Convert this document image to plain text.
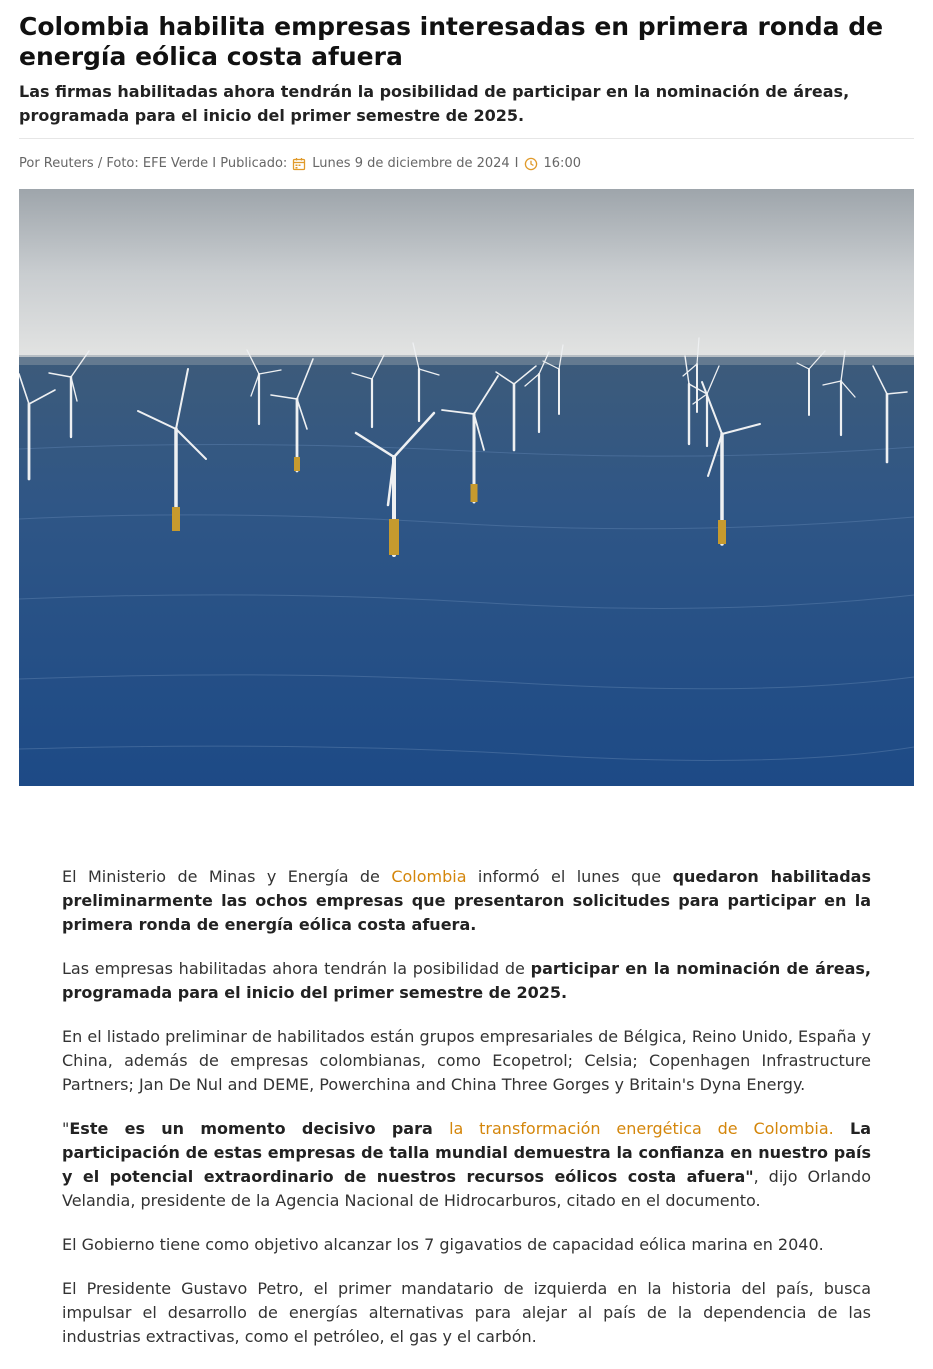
Colombia habilita empresas interesadas en primera ronda de energía eólica costa afuera
Las firmas habilitadas ahora tendrán la posibilidad de participar en la nominación de áreas, programada para el inicio del primer semestre de 2025.
Por Reuters / Foto: EFE Verde I Publicado: Lunes 9 de diciembre de 2024 I 16:00

El Ministerio de Minas y Energía de Colombia informó el lunes que quedaron habilitadas preliminarmente las ochos empresas que presentaron solicitudes para participar en la primera ronda de energía eólica costa afuera.

Las empresas habilitadas ahora tendrán la posibilidad de participar en la nominación de áreas, programada para el inicio del primer semestre de 2025.

En el listado preliminar de habilitados están grupos empresariales de Bélgica, Reino Unido, España y China, además de empresas colombianas, como Ecopetrol; Celsia; Copenhagen Infrastructure Partners; Jan De Nul and DEME, Powerchina and China Three Gorges y Britain's Dyna Energy.

"Este es un momento decisivo para la transformación energética de Colombia. La participación de estas empresas de talla mundial demuestra la confianza en nuestro país y el potencial extraordinario de nuestros recursos eólicos costa afuera", dijo Orlando Velandia, presidente de la Agencia Nacional de Hidrocarburos, citado en el documento.

El Gobierno tiene como objetivo alcanzar los 7 gigavatios de capacidad eólica marina en 2040.

El Presidente Gustavo Petro, el primer mandatario de izquierda en la historia del país, busca impulsar el desarrollo de energías alternativas para alejar al país de la dependencia de las industrias extractivas, como el petróleo, el gas y el carbón.
